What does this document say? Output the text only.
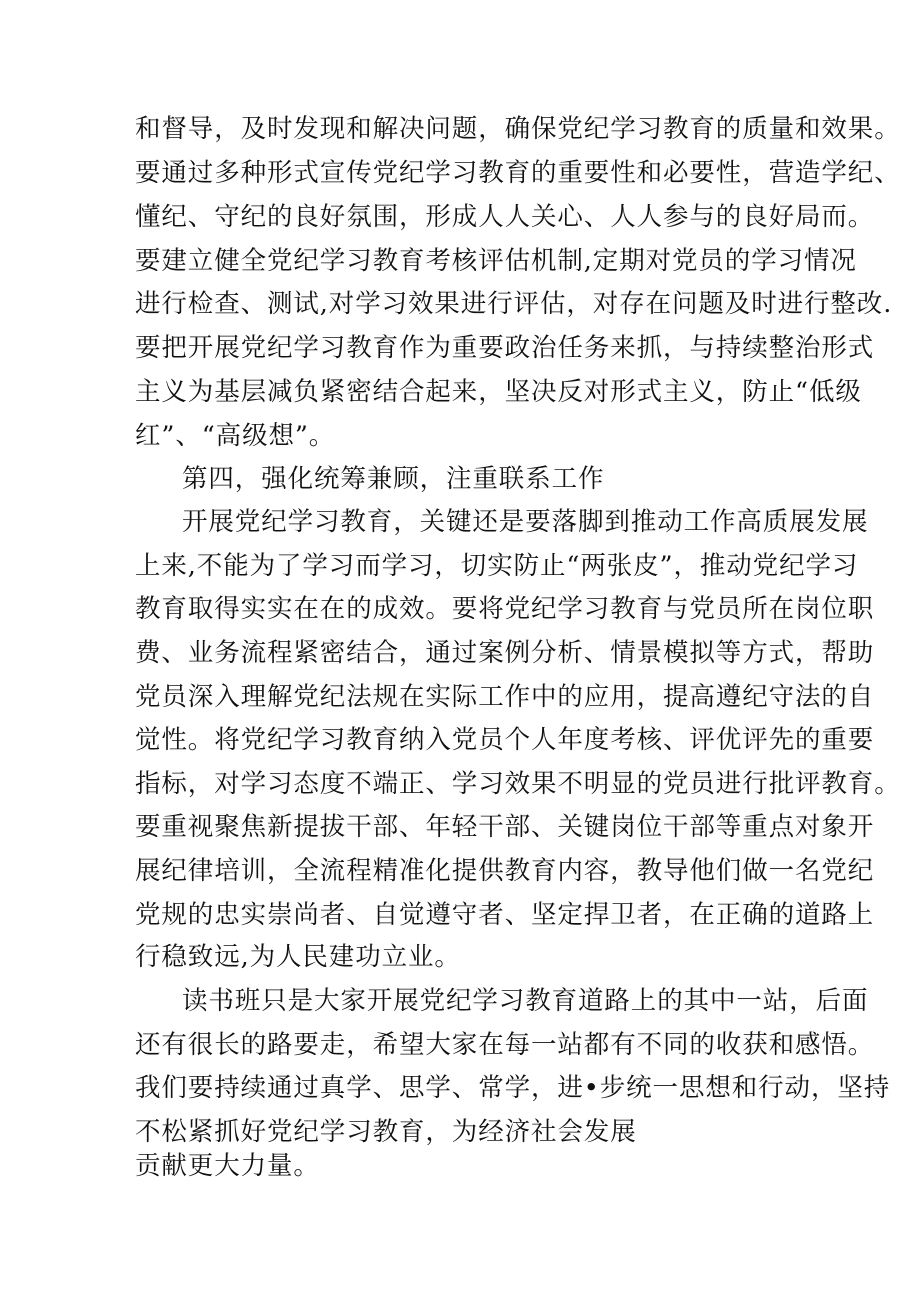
和督导，及时发现和解决问题，确保党纪学习教育的质量和效果。

要通过多种形式宣传党纪学习教育的重要性和必要性，营造学纪、

懂纪、守纪的良好氛围，形成人人关心、人人参与的良好局而。

要建立健全党纪学习教育考核评估机制,定期对党员的学习情况

进行检查、测试,对学习效果进行评估，对存在问题及时进行整改.

要把开展党纪学习教育作为重要政治任务来抓，与持续整治形式

主义为基层减负紧密结合起来，坚决反对形式主义，防止“低级

红”、“高级想”。

第四，强化统筹兼顾，注重联系工作

开展党纪学习教育，关键还是要落脚到推动工作高质展发展

上来,不能为了学习而学习，切实防止“两张皮”，推动党纪学习

教育取得实实在在的成效。要将党纪学习教育与党员所在岗位职

费、业务流程紧密结合，通过案例分析、情景模拟等方式，帮助

党员深入理解党纪法规在实际工作中的应用，提高遵纪守法的自

觉性。将党纪学习教育纳入党员个人年度考核、评优评先的重要

指标，对学习态度不端正、学习效果不明显的党员进行批评教育。

要重视聚焦新提拔干部、年轻干部、关键岗位干部等重点对象开

展纪律培训，全流程精准化提供教育内容，教导他们做一名党纪

党规的忠实崇尚者、自觉遵守者、坚定捍卫者，在正确的道路上

行稳致远,为人民建功立业。

读书班只是大家开展党纪学习教育道路上的其中一站，后面

还有很长的路要走，希望大家在每一站都有不同的收获和感悟。

我们要持续通过真学、思学、常学，进•步统一思想和行动，坚持

不松紧抓好党纪学习教育，为经济社会发展

贡献更大力量。
